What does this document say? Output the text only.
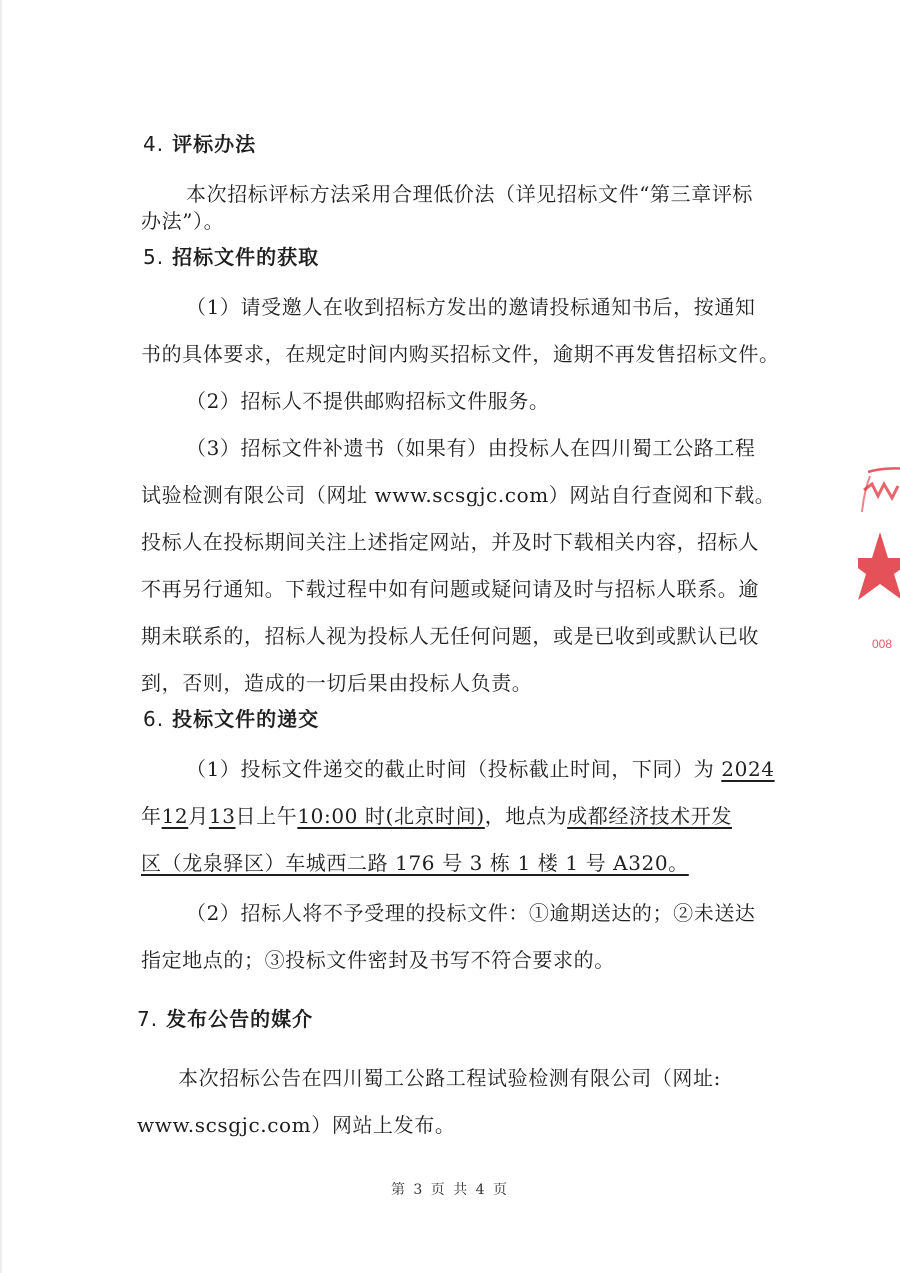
4. 评标办法
本次招标评标方法采用合理低价法（详见招标文件“第三章评标
办法”）。
5. 招标文件的获取
（1）请受邀人在收到招标方发出的邀请投标通知书后，按通知
书的具体要求，在规定时间内购买招标文件，逾期不再发售招标文件。
（2）招标人不提供邮购招标文件服务。
（3）招标文件补遗书（如果有）由投标人在四川蜀工公路工程
试验检测有限公司（网址 www.scsgjc.com）网站自行查阅和下载。
投标人在投标期间关注上述指定网站，并及时下载相关内容，招标人
不再另行通知。下载过程中如有问题或疑问请及时与招标人联系。逾
期未联系的，招标人视为投标人无任何问题，或是已收到或默认已收
到，否则，造成的一切后果由投标人负责。
6. 投标文件的递交
（1）投标文件递交的截止时间（投标截止时间，下同）为 2024
年12月13日上午10:00 时(北京时间)，地点为成都经济技术开发
区（龙泉驿区）车城西二路 176 号 3 栋 1 楼 1 号 A320。
（2）招标人将不予受理的投标文件：①逾期送达的；②未送达
指定地点的；③投标文件密封及书写不符合要求的。
7. 发布公告的媒介
本次招标公告在四川蜀工公路工程试验检测有限公司（网址:
www.scsgjc.com）网站上发布。
第 3 页 共 4 页
008
